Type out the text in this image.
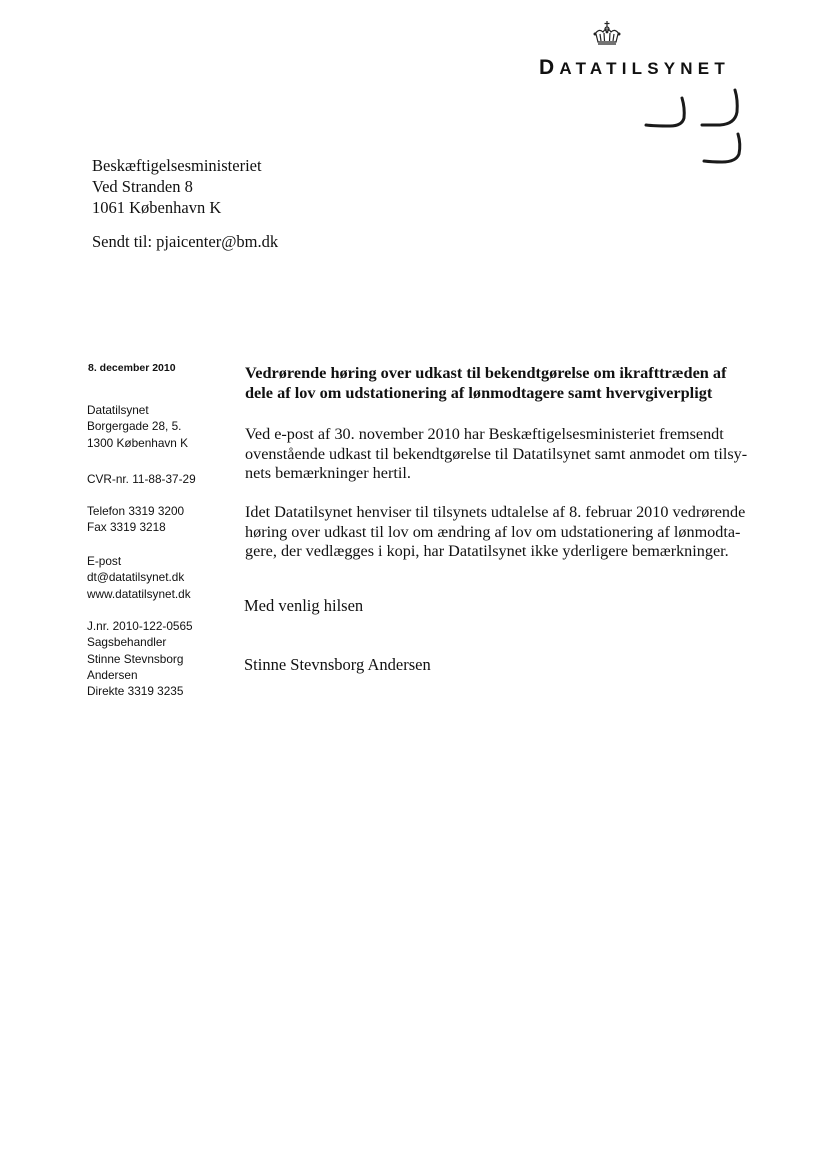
DATATILSYNET
Beskæftigelsesministeriet
Ved Stranden 8
1061 København K
Sendt til: pjaicenter@bm.dk
8. december 2010
Datatilsynet
Borgergade 28, 5.
1300 København K
CVR-nr. 11-88-37-29
Telefon 3319 3200
Fax 3319 3218
E-post
dt@datatilsynet.dk
www.datatilsynet.dk
J.nr. 2010-122-0565
Sagsbehandler
Stinne Stevnsborg
Andersen
Direkte 3319 3235
Vedrørende høring over udkast til bekendtgørelse om ikrafttræden af
dele af lov om udstationering af lønmodtagere samt hvervgiverpligt
Ved e-post af 30. november 2010 har Beskæftigelsesministeriet fremsendt
ovenstående udkast til bekendtgørelse til Datatilsynet samt anmodet om tilsy-
nets bemærkninger hertil.
Idet Datatilsynet henviser til tilsynets udtalelse af 8. februar 2010 vedrørende
høring over udkast til lov om ændring af lov om udstationering af lønmodta-
gere, der vedlægges i kopi, har Datatilsynet ikke yderligere bemærkninger.
Med venlig hilsen
Stinne Stevnsborg Andersen
